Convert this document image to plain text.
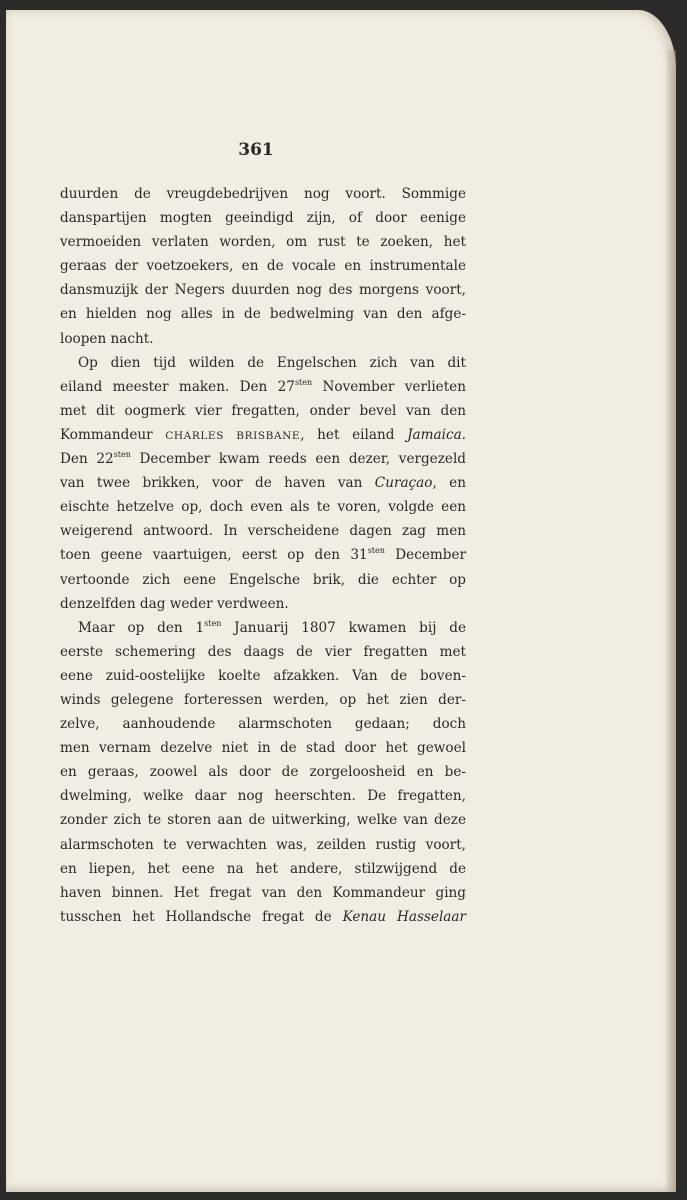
361
duurden de vreugdebedrijven nog voort. Sommige
danspartijen mogten geeindigd zijn, of door eenige
vermoeiden verlaten worden, om rust te zoeken, het
geraas der voetzoekers, en de vocale en instrumentale
dansmuzijk der Negers duurden nog des morgens voort,
en hielden nog alles in de bedwelming van den afge-
loopen nacht.
Op dien tijd wilden de Engelschen zich van dit
eiland meester maken. Den $27^{sten}$ November verlieten
met dit oogmerk vier fregatten, onder bevel van den
Kommandeur CHARLES BRISBANE, het eiland Jamaica.
Den $22^{sten}$ December kwam reeds een dezer, vergezeld
van twee brikken, voor de haven van Curaçao, en
eischte hetzelve op, doch even als te voren, volgde een
weigerend antwoord. In verscheidene dagen zag men
toen geene vaartuigen, eerst op den $31^{sten}$ December
vertoonde zich eene Engelsche brik, die echter op
denzelfden dag weder verdween.
Maar op den $1^{sten}$ Januarij 1807 kwamen bij de
eerste schemering des daags de vier fregatten met
eene zuid-oostelijke koelte afzakken. Van de boven-
winds gelegene forteressen werden, op het zien der-
zelve, aanhoudende alarmschoten gedaan; doch
men vernam dezelve niet in de stad door het gewoel
en geraas, zoowel als door de zorgeloosheid en be-
dwelming, welke daar nog heerschten. De fregatten,
zonder zich te storen aan de uitwerking, welke van deze
alarmschoten te verwachten was, zeilden rustig voort,
en liepen, het eene na het andere, stilzwijgend de
haven binnen. Het fregat van den Kommandeur ging
tusschen het Hollandsche fregat de Kenau Hasselaar
